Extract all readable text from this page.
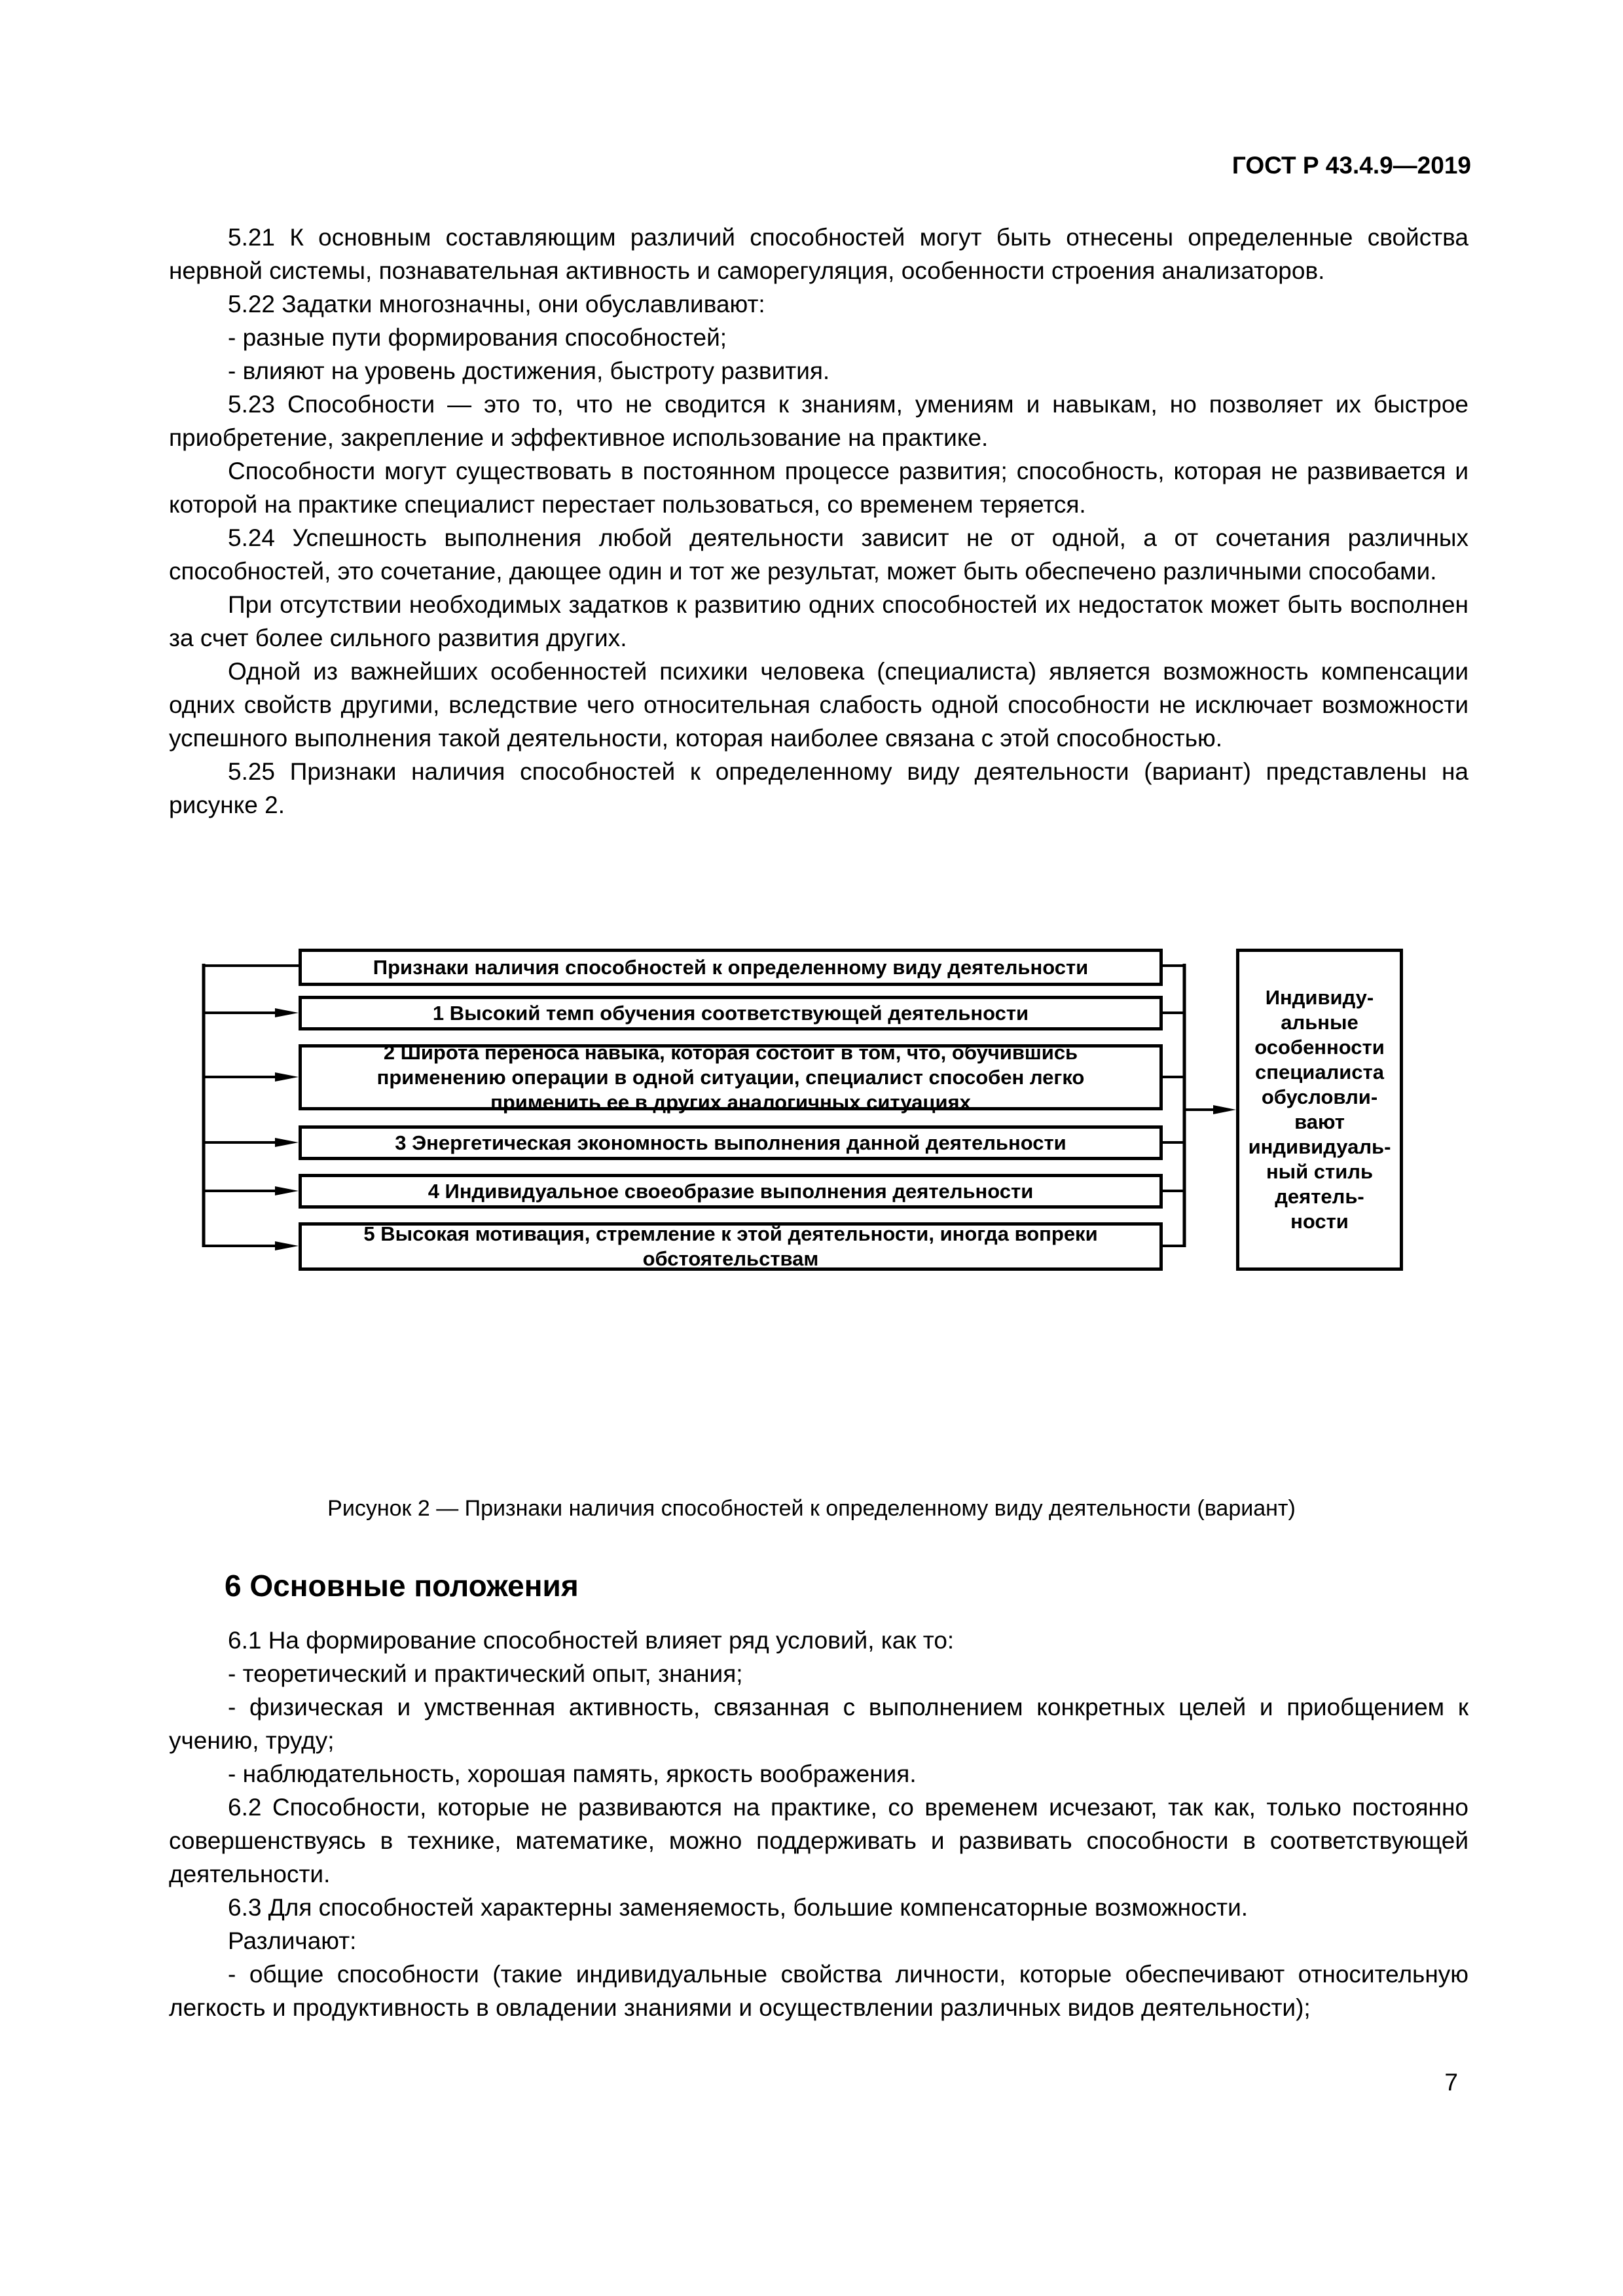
ГОСТ Р 43.4.9—2019

5.21 К основным составляющим различий способностей могут быть отнесены определенные свойства нервной системы, познавательная активность и саморегуляция, особенности строения анализаторов.

5.22 Задатки многозначны, они обуславливают:

- разные пути формирования способностей;

- влияют на уровень достижения, быстроту развития.

5.23 Способности — это то, что не сводится к знаниям, умениям и навыкам, но позволяет их быстрое приобретение, закрепление и эффективное использование на практике.

Способности могут существовать в постоянном процессе развития; способность, которая не развивается и которой на практике специалист перестает пользоваться, со временем теряется.

5.24 Успешность выполнения любой деятельности зависит не от одной, а от сочетания различных способностей, это сочетание, дающее один и тот же результат, может быть обеспечено различными способами.

При отсутствии необходимых задатков к развитию одних способностей их недостаток может быть восполнен за счет более сильного развития других.

Одной из важнейших особенностей психики человека (специалиста) является возможность компенсации одних свойств другими, вследствие чего относительная слабость одной способности не исключает возможности успешного выполнения такой деятельности, которая наиболее связана с этой способностью.

5.25 Признаки наличия способностей к определенному виду деятельности (вариант) представлены на рисунке 2.

Признаки наличия способностей к определенному виду деятельности
1 Высокий темп обучения соответствующей деятельности
2 Широта переноса навыка, которая состоит в том, что, обучившись
применению операции в одной ситуации, специалист способен легко
применить ее в других аналогичных ситуациях
3 Энергетическая экономность выполнения данной деятельности
4 Индивидуальное своеобразие выполнения деятельности
5 Высокая мотивация, стремление к этой деятельности, иногда вопреки
обстоятельствам
Индивиду-
альные
особенности
специалиста
обусловли-
вают
индивидуаль-
ный стиль
деятель-
ности
Рисунок 2 — Признаки наличия способностей к определенному виду деятельности (вариант)
6 Основные положения

6.1 На формирование способностей влияет ряд условий, как то:

- теоретический и практический опыт, знания;

- физическая и умственная активность, связанная с выполнением конкретных целей и приобщением к учению, труду;

- наблюдательность, хорошая память, яркость воображения.

6.2 Способности, которые не развиваются на практике, со временем исчезают, так как, только постоянно совершенствуясь в технике, математике, можно поддерживать и развивать способности в соответствующей деятельности.

6.3 Для способностей характерны заменяемость, большие компенсаторные возможности.

Различают:

- общие способности (такие индивидуальные свойства личности, которые обеспечивают относительную легкость и продуктивность в овладении знаниями и осуществлении различных видов деятельности);

7
